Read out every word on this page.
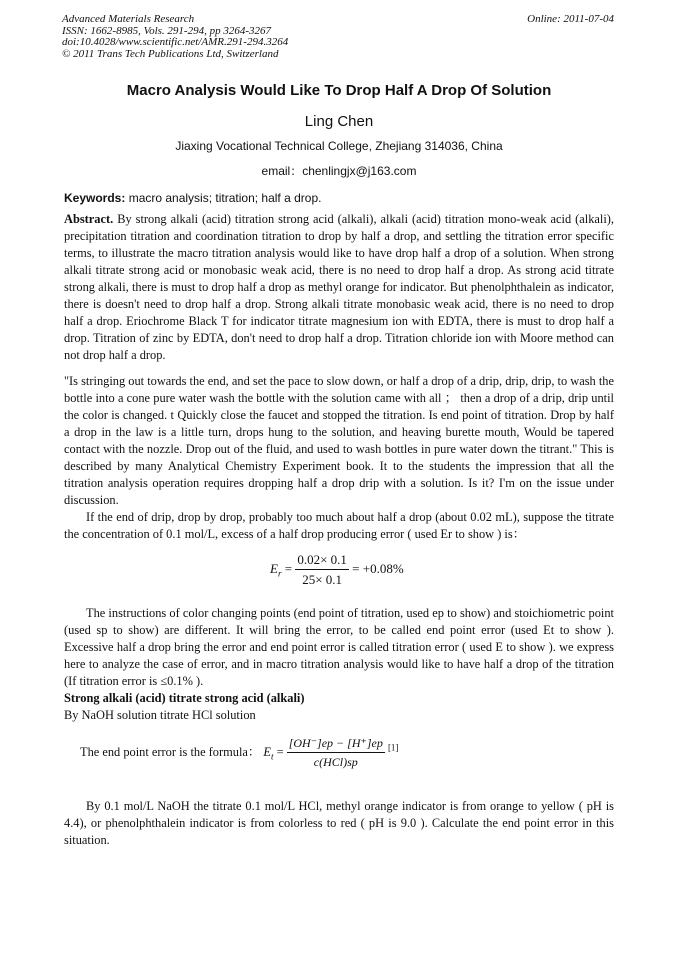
Advanced Materials Research
ISSN: 1662-8985, Vols. 291-294, pp 3264-3267
doi:10.4028/www.scientific.net/AMR.291-294.3264
© 2011 Trans Tech Publications Ltd, Switzerland
Online: 2011-07-04
Macro Analysis Would Like To Drop Half A Drop Of Solution
Ling Chen
Jiaxing Vocational Technical College, Zhejiang 314036, China
email：chenlingjx@j163.com
Keywords: macro analysis; titration; half a drop.

Abstract. By strong alkali (acid) titration strong acid (alkali), alkali (acid) titration mono-weak acid (alkali), precipitation titration and coordination titration to drop by half a drop, and settling the titration error specific terms, to illustrate the macro titration analysis would like to have drop half a drop of a solution. When strong alkali titrate strong acid or monobasic weak acid, there is no need to drop half a drop. As strong acid titrate strong alkali, there is must to drop half a drop as methyl orange for indicator. But phenolphthalein as indicator, there is doesn't need to drop half a drop. Strong alkali titrate monobasic weak acid, there is no need to drop half a drop. Eriochrome Black T for indicator titrate magnesium ion with EDTA, there is must to drop half a drop. Titration of zinc by EDTA, don't need to drop half a drop. Titration chloride ion with Moore method can not drop half a drop.

"Is stringing out towards the end, and set the pace to slow down, or half a drop of a drip, drip, drip, to wash the bottle into a cone pure water wash the bottle with the solution came with all ； then a drop of a drip, drip until the color is changed. t Quickly close the faucet and stopped the titration. Is end point of titration. Drop by half a drop in the law is a little turn, drops hung to the solution, and heaving burette mouth, Would be tapered contact with the nozzle. Drop out of the fluid, and used to wash bottles in pure water down the titrant." This is described by many Analytical Chemistry Experiment book. It to the students the impression that all the titration analysis operation requires dropping half a drop drip with a solution. Is it? I'm on the issue under discussion.

If the end of drip, drop by drop, probably too much about half a drop (about 0.02 mL), suppose the titrate the concentration of 0.1 mol/L, excess of a half drop producing error ( used Er to show ) is：

$E_r = \frac{0.02\times 0.1}{25\times 0.1} = +0.08\%$

The instructions of color changing points (end point of titration, used ep to show) and stoichiometric point (used sp to show) are different. It will bring the error, to be called end point error (used Et to show ). Excessive half a drop bring the error and end point error is called titration error ( used E to show ). we express here to analyze the case of error, and in macro titration analysis would like to have half a drop of the titration (If titration error is ≤0.1% ).

Strong alkali (acid) titrate strong acid (alkali)

By NaOH solution titrate HCl solution

The end point error is the formula： $E_t = \frac{[OH^-]ep - [H^+]ep}{\text{c(HCl)sp}} [1]$

By 0.1 mol/L NaOH the titrate 0.1 mol/L HCl, methyl orange indicator is from orange to yellow ( pH is 4.4), or phenolphthalein indicator is from colorless to red ( pH is 9.0 ). Calculate the end point error in this situation.
